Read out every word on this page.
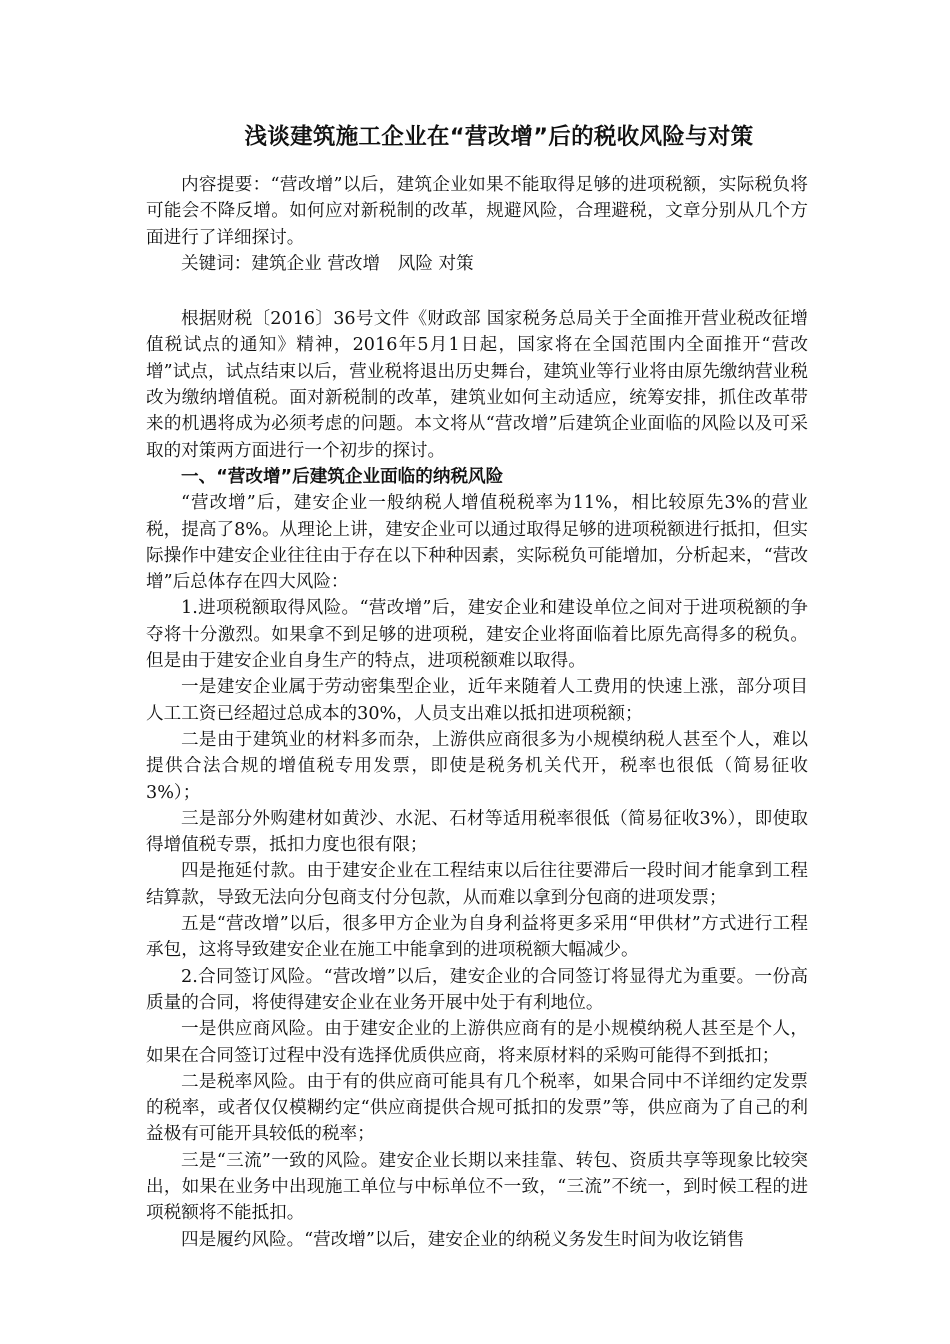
浅谈建筑施工企业在“营改增”后的税收风险与对策

内容提要：“营改增”以后，建筑企业如果不能取得足够的进项税额，实际税负将可能会不降反增。如何应对新税制的改革，规避风险，合理避税，文章分别从几个方面进行了详细探讨。

关键词：建筑企业 营改增　风险 对策

根据财税〔2016〕36号文件《财政部 国家税务总局关于全面推开营业税改征增值税试点的通知》精神，2016年5月1日起，国家将在全国范围内全面推开“营改增”试点，试点结束以后，营业税将退出历史舞台，建筑业等行业将由原先缴纳营业税改为缴纳增值税。面对新税制的改革，建筑业如何主动适应，统筹安排，抓住改革带来的机遇将成为必须考虑的问题。本文将从“营改增”后建筑企业面临的风险以及可采取的对策两方面进行一个初步的探讨。

一、“营改增”后建筑企业面临的纳税风险

“营改增”后，建安企业一般纳税人增值税税率为11%，相比较原先3%的营业税，提高了8%。从理论上讲，建安企业可以通过取得足够的进项税额进行抵扣，但实际操作中建安企业往往由于存在以下种种因素，实际税负可能增加，分析起来，“营改增”后总体存在四大风险：

1.进项税额取得风险。“营改增”后，建安企业和建设单位之间对于进项税额的争夺将十分激烈。如果拿不到足够的进项税，建安企业将面临着比原先高得多的税负。但是由于建安企业自身生产的特点，进项税额难以取得。

一是建安企业属于劳动密集型企业，近年来随着人工费用的快速上涨，部分项目人工工资已经超过总成本的30%，人员支出难以抵扣进项税额；

二是由于建筑业的材料多而杂，上游供应商很多为小规模纳税人甚至个人，难以提供合法合规的增值税专用发票，即使是税务机关代开，税率也很低（简易征收3%）；

三是部分外购建材如黄沙、水泥、石材等适用税率很低（简易征收3%），即使取得增值税专票，抵扣力度也很有限；

四是拖延付款。由于建安企业在工程结束以后往往要滞后一段时间才能拿到工程结算款，导致无法向分包商支付分包款，从而难以拿到分包商的进项发票；

五是“营改增”以后，很多甲方企业为自身利益将更多采用“甲供材”方式进行工程承包，这将导致建安企业在施工中能拿到的进项税额大幅减少。

2.合同签订风险。“营改增”以后，建安企业的合同签订将显得尤为重要。一份高质量的合同，将使得建安企业在业务开展中处于有利地位。

一是供应商风险。由于建安企业的上游供应商有的是小规模纳税人甚至是个人，如果在合同签订过程中没有选择优质供应商，将来原材料的采购可能得不到抵扣；

二是税率风险。由于有的供应商可能具有几个税率，如果合同中不详细约定发票的税率，或者仅仅模糊约定“供应商提供合规可抵扣的发票”等，供应商为了自己的利益极有可能开具较低的税率；

三是“三流”一致的风险。建安企业长期以来挂靠、转包、资质共享等现象比较突出，如果在业务中出现施工单位与中标单位不一致，“三流”不统一，到时候工程的进项税额将不能抵扣。

四是履约风险。“营改增”以后，建安企业的纳税义务发生时间为收讫销售
